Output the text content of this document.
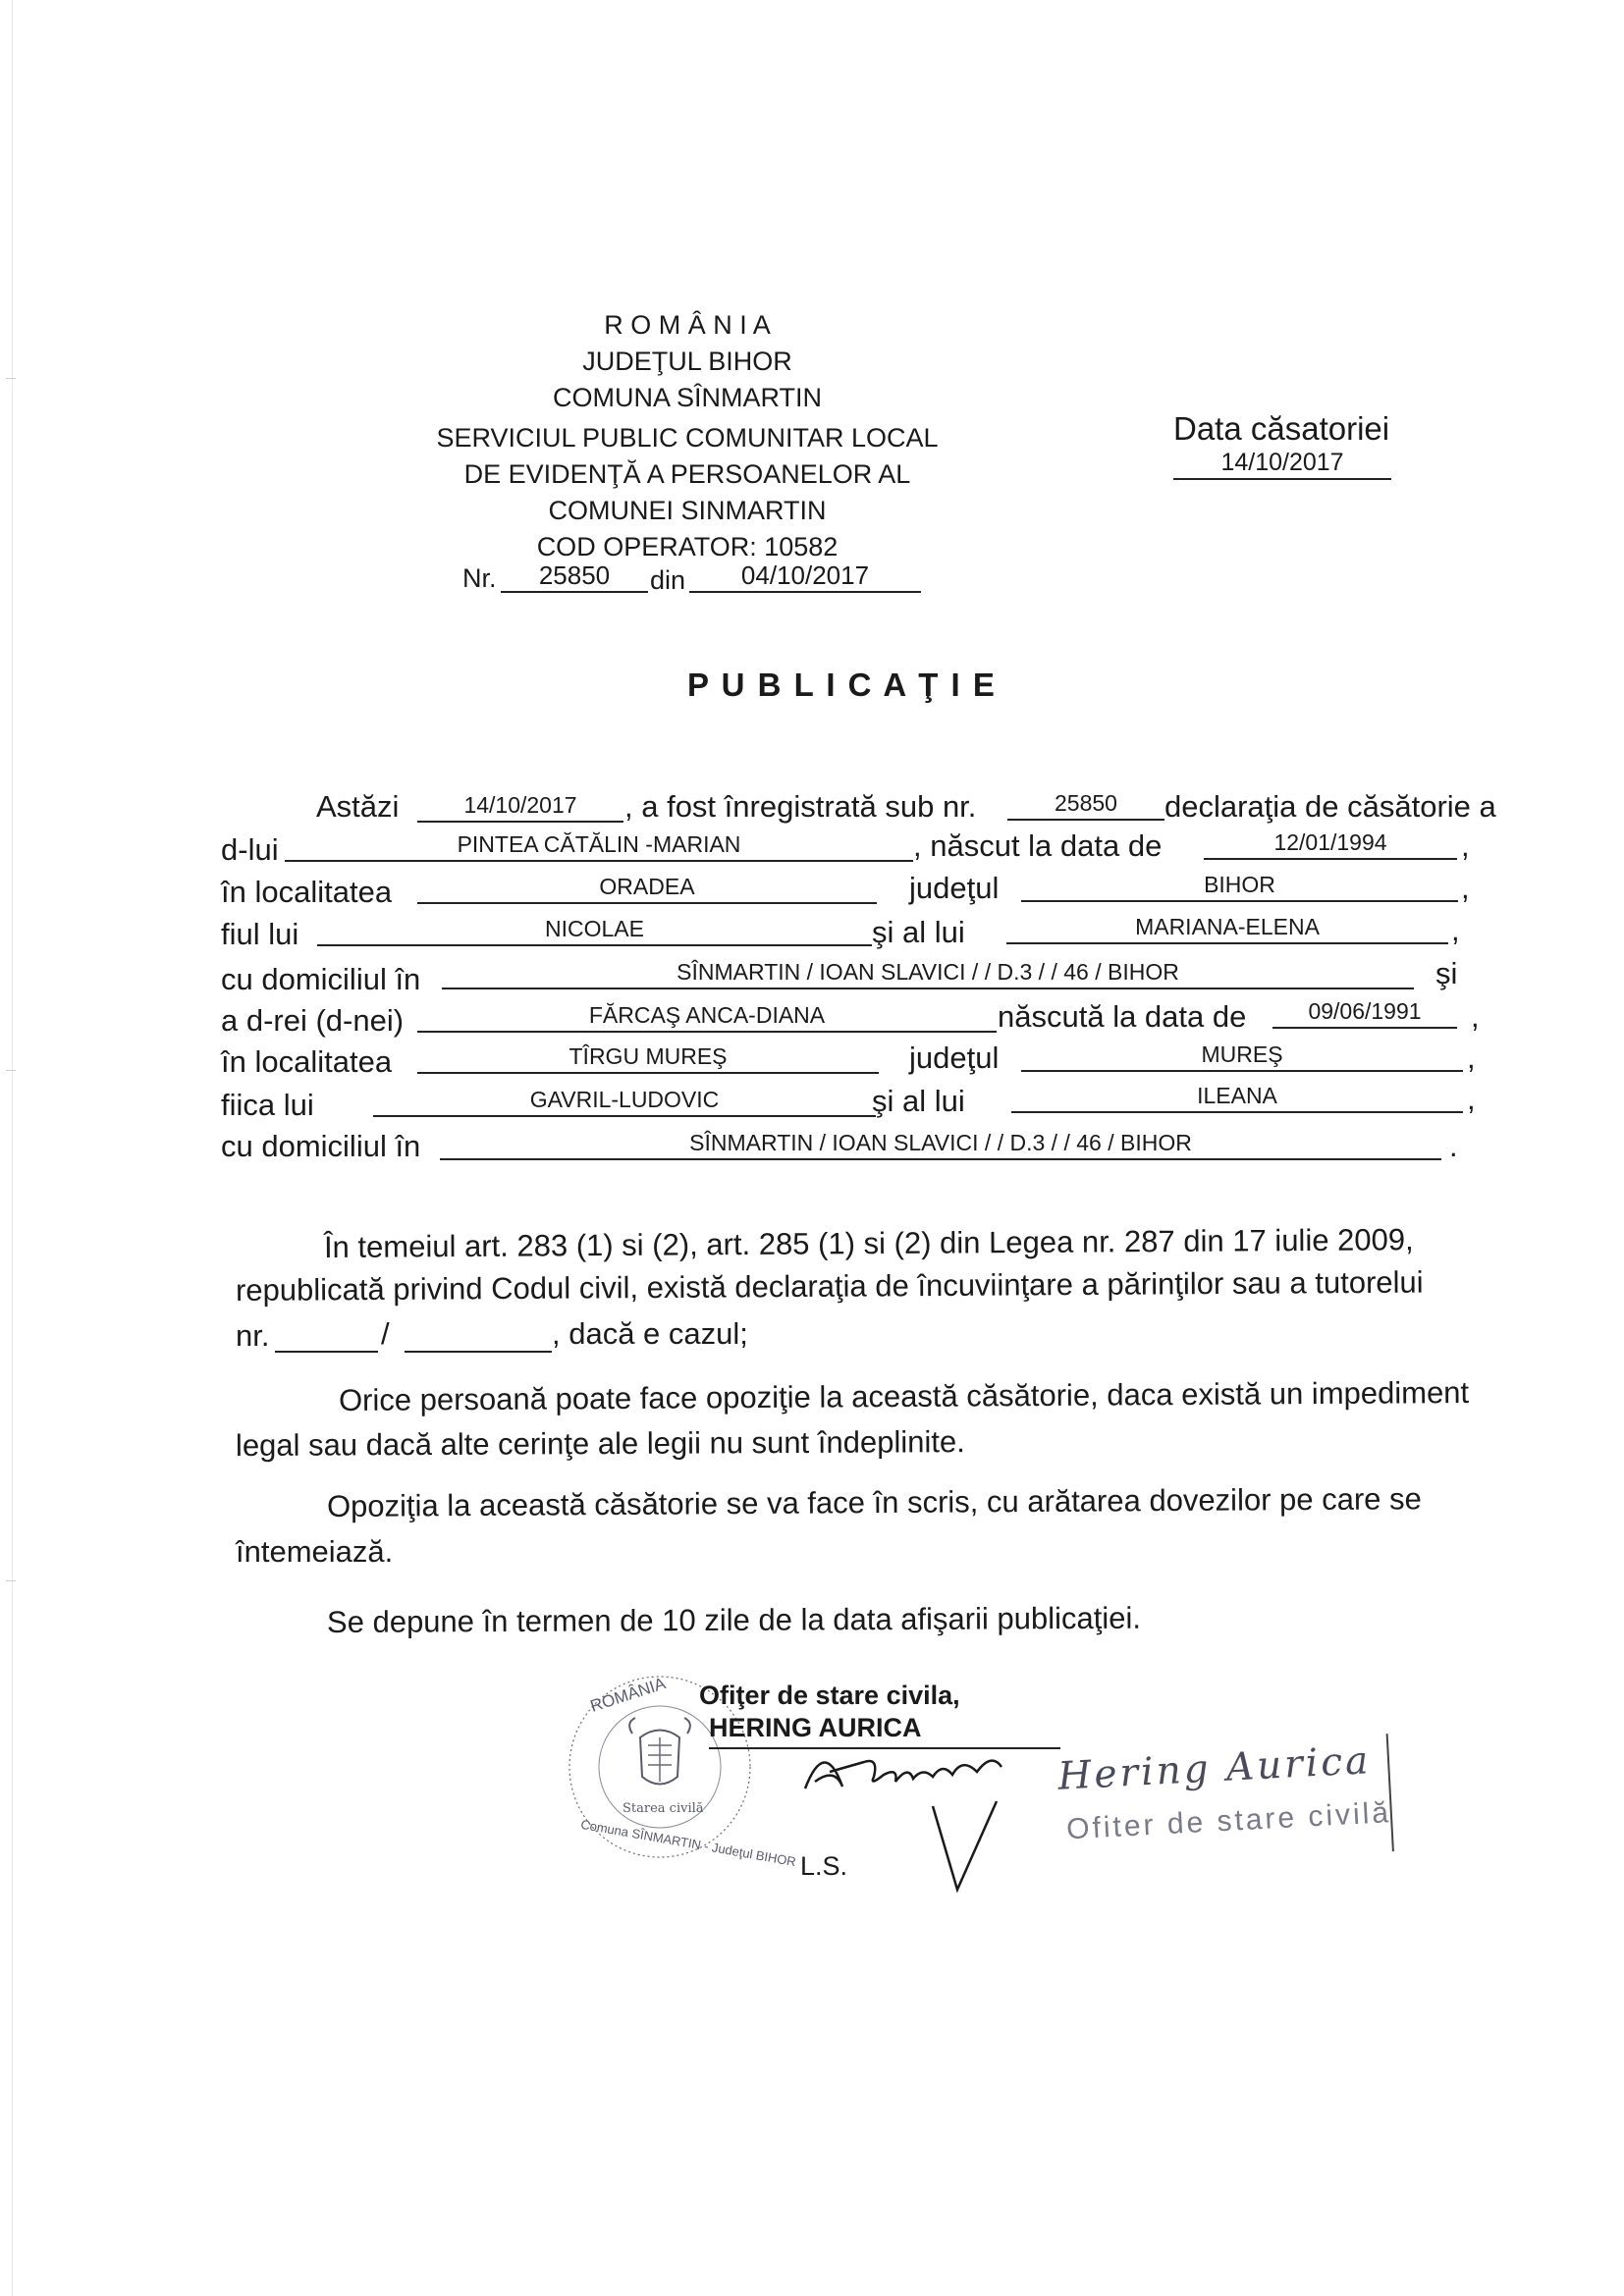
R O M Â N I A
JUDEŢUL BIHOR
COMUNA SÎNMARTIN
SERVICIUL PUBLIC COMUNITAR LOCAL
DE EVIDENŢĂ A PERSOANELOR AL
COMUNEI SINMARTIN
COD OPERATOR: 10582
Nr.	25850	din	04/10/2017
Data căsatoriei
14/10/2017
P U B L I C A Ţ I E
Astăzi	14/10/2017	, a fost înregistrată sub nr.	25850	declaraţia de căsătorie a
d-lui	PINTEA CĂTĂLIN -MARIAN	, născut la data de	12/01/1994	,
în localitatea	ORADEA	judeţul	BIHOR	,
fiul lui	NICOLAE	şi al lui	MARIANA-ELENA	,
cu domiciliul în	SÎNMARTIN / IOAN SLAVICI / / D.3 / / 46 / BIHOR	şi
a d-rei (d-nei)	FĂRCAŞ ANCA-DIANA	născută la data de	09/06/1991	,
în localitatea	TÎRGU MUREŞ	judeţul	MUREŞ	,
fiica lui	GAVRIL-LUDOVIC	şi al lui	ILEANA	,
cu domiciliul în	SÎNMARTIN / IOAN SLAVICI / / D.3 / / 46 / BIHOR	.
În temeiul art. 283 (1) si (2), art. 285 (1) si (2) din Legea nr. 287 din 17 iulie 2009,
republicată privind Codul civil, există declaraţia de încuviinţare a părinţilor sau a tutorelui
nr.	/	, dacă e cazul;
Orice persoană poate face opoziţie la această căsătorie, daca există un impediment
legal sau dacă alte cerinţe ale legii nu sunt îndeplinite.
Opoziţia la această căsătorie se va face în scris, cu arătarea dovezilor pe care se
întemeiază.
Se depune în termen de 10 zile de la data afişarii publicaţiei.
Starea civilă
ROMÂNIA
Comuna SÎNMARTIN - Judeţul BIHOR
Ofiţer de stare civila,
HERING AURICA
L.S.
Hering Aurica
Ofiter de stare civilă
